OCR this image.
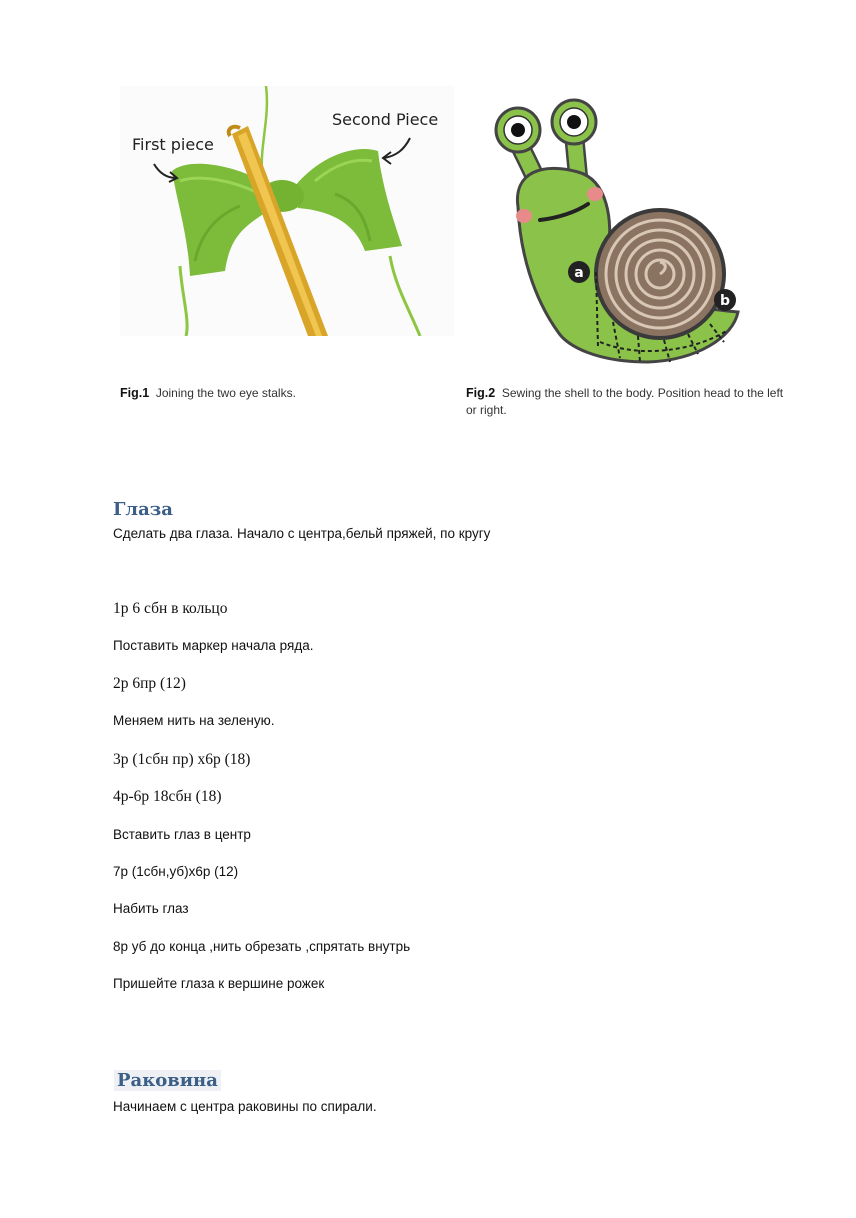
First piece
Second Piece
a
b
Fig.1 Joining the two eye stalks.	Fig.2 Sewing the shell to the body. Position head to the left or right.
Глаза
Сделать два глаза. Начало с центра,бельй пряжей, по кругу
1р 6 сбн в кольцо
Поставить маркер начала ряда.
2р 6пр (12)
Меняем нить на зеленую.
3р (1сбн пр) х6р (18)
4р-6р 18сбн (18)
Вставить глаз в центр
7р (1сбн,уб)х6р (12)
Набить глаз
8р уб до конца ,нить обрезать ,спрятать внутрь
Пришейте глаза к вершине рожек
Раковина
Начинаем с центра раковины по спирали.
